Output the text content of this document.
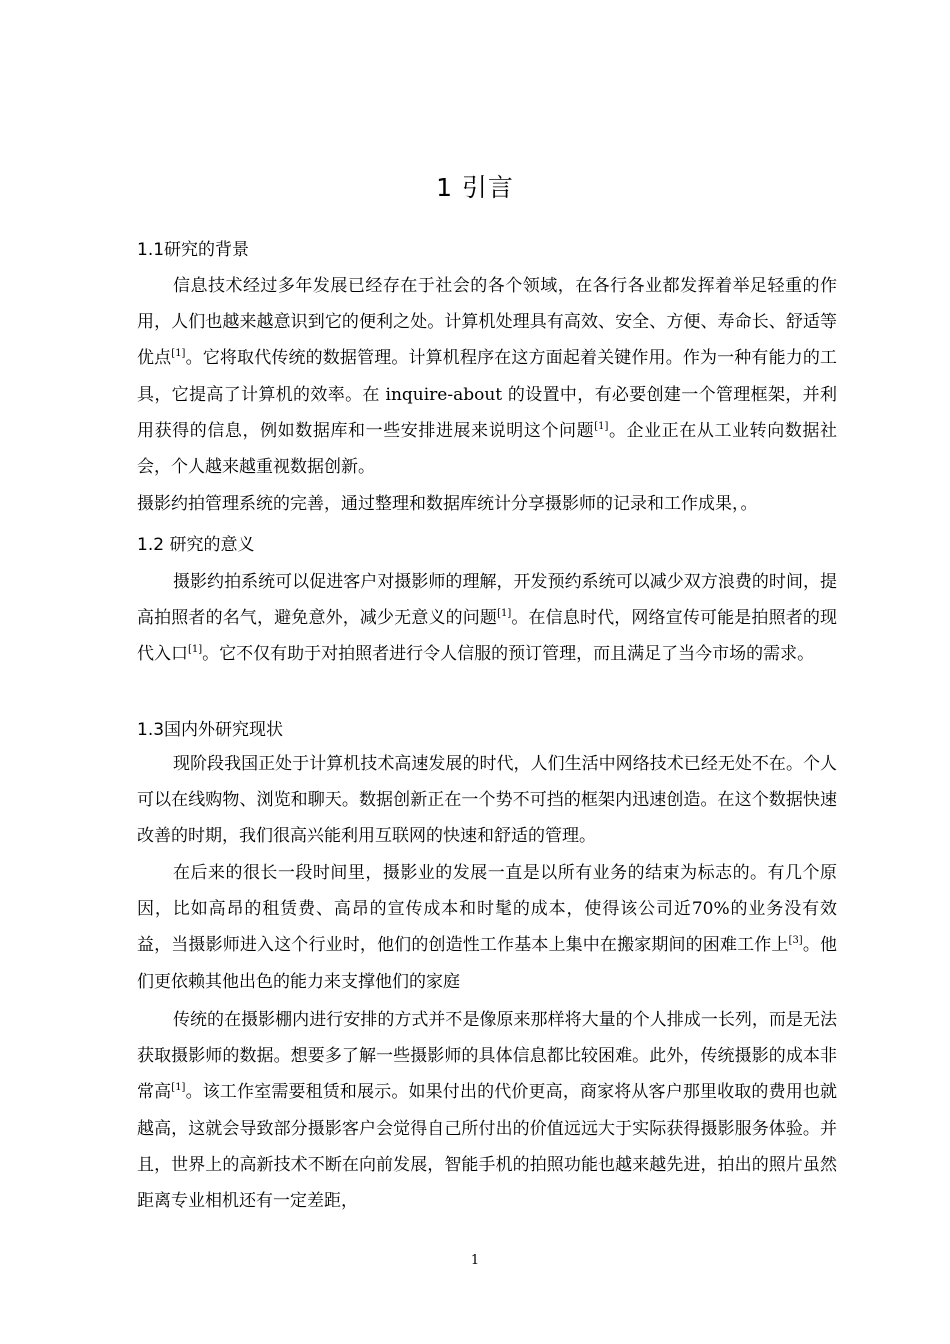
1 引言
1.1研究的背景
信息技术经过多年发展已经存在于社会的各个领域，在各行各业都发挥着举足轻重的作用，人们也越来越意识到它的便利之处。计算机处理具有高效、安全、方便、寿命长、舒适等优点[1]。它将取代传统的数据管理。计算机程序在这方面起着关键作用。作为一种有能力的工具，它提高了计算机的效率。在 inquire-about 的设置中，有必要创建一个管理框架，并利用获得的信息，例如数据库和一些安排进展来说明这个问题[1]。企业正在从工业转向数据社会，个人越来越重视数据创新。
摄影约拍管理系统的完善，通过整理和数据库统计分享摄影师的记录和工作成果，。
1.2 研究的意义
摄影约拍系统可以促进客户对摄影师的理解，开发预约系统可以减少双方浪费的时间，提高拍照者的名气，避免意外，减少无意义的问题[1]。在信息时代，网络宣传可能是拍照者的现代入口[1]。它不仅有助于对拍照者进行令人信服的预订管理，而且满足了当今市场的需求。
1.3国内外研究现状
现阶段我国正处于计算机技术高速发展的时代，人们生活中网络技术已经无处不在。个人可以在线购物、浏览和聊天。数据创新正在一个势不可挡的框架内迅速创造。在这个数据快速改善的时期，我们很高兴能利用互联网的快速和舒适的管理。
在后来的很长一段时间里，摄影业的发展一直是以所有业务的结束为标志的。有几个原因，比如高昂的租赁费、高昂的宣传成本和时髦的成本，使得该公司近70%的业务没有效益，当摄影师进入这个行业时，他们的创造性工作基本上集中在搬家期间的困难工作上[3]。他们更依赖其他出色的能力来支撑他们的家庭
传统的在摄影棚内进行安排的方式并不是像原来那样将大量的个人排成一长列，而是无法获取摄影师的数据。想要多了解一些摄影师的具体信息都比较困难。此外，传统摄影的成本非常高[1]。该工作室需要租赁和展示。如果付出的代价更高，商家将从客户那里收取的费用也就越高，这就会导致部分摄影客户会觉得自己所付出的价值远远大于实际获得摄影服务体验。并且，世界上的高新技术不断在向前发展，智能手机的拍照功能也越来越先进，拍出的照片虽然距离专业相机还有一定差距，
1
